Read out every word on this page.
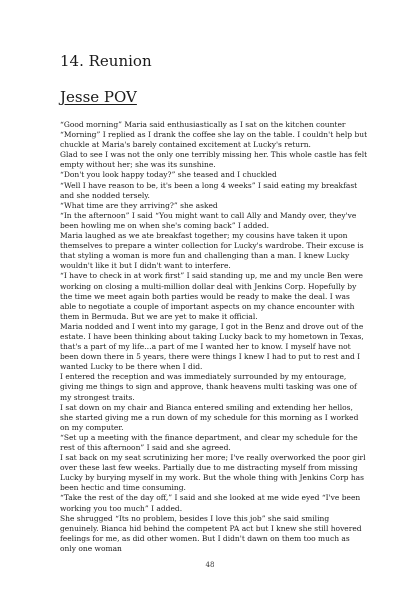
14. Reunion
Jesse POV

“Good morning” Maria said enthusiastically as I sat on the kitchen counter

“Morning” I replied as I drank the coffee she lay on the table. I couldn't help but chuckle at Maria's barely contained excitement at Lucky's return.

Glad to see I was not the only one terribly missing her. This whole castle has felt empty without her; she was its sunshine.

“Don't you look happy today?” she teased and I chuckled

“Well I have reason to be, it's been a long 4 weeks” I said eating my breakfast and she nodded tersely.

“What time are they arriving?” she asked

“In the afternoon” I said “You might want to call Ally and Mandy over, they've been howling me on when she's coming back” I added.

Maria laughed as we ate breakfast together; my cousins have taken it upon themselves to prepare a winter collection for Lucky's wardrobe. Their excuse is that styling a woman is more fun and challenging than a man. I knew Lucky wouldn't like it but I didn't want to interfere.

“I have to check in at work first” I said standing up, me and my uncle Ben were working on closing a multi-million dollar deal with Jenkins Corp. Hopefully by the time we meet again both parties would be ready to make the deal. I was able to negotiate a couple of important aspects on my chance encounter with them in Bermuda. But we are yet to make it official.

Maria nodded and I went into my garage, I got in the Benz and drove out of the estate. I have been thinking about taking Lucky back to my hometown in Texas, that's a part of my life…a part of me I wanted her to know. I myself have not been down there in 5 years, there were things I knew I had to put to rest and I wanted Lucky to be there when I did.

I entered the reception and was immediately surrounded by my entourage, giving me things to sign and approve, thank heavens multi tasking was one of my strongest traits.

I sat down on my chair and Bianca entered smiling and extending her hellos, she started giving me a run down of my schedule for this morning as I worked on my computer.

“Set up a meeting with the finance department, and clear my schedule for the rest of this afternoon” I said and she agreed.

I sat back on my seat scrutinizing her more; I've really overworked the poor girl over these last few weeks. Partially due to me distracting myself from missing Lucky by burying myself in my work. But the whole thing with Jenkins Corp has been hectic and time consuming.

“Take the rest of the day off,” I said and she looked at me wide eyed “I've been working you too much” I added.

She shrugged “Its no problem, besides I love this job” she said smiling genuinely. Bianca hid behind the competent PA act but I knew she still hovered feelings for me, as did other women. But I didn't dawn on them too much as only one woman

48
